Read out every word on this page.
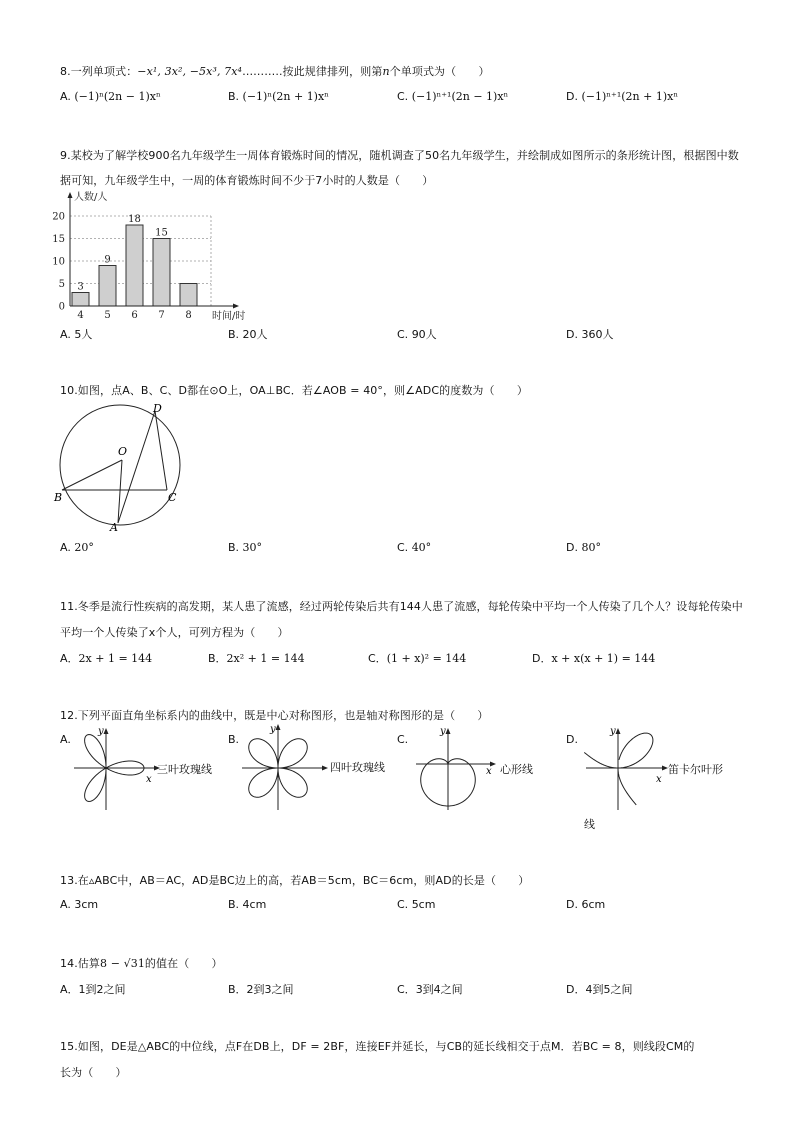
8.一列单项式：−x¹, 3x², −5x³, 7x⁴………..按此规律排列，则第n个单项式为（　　）
A. (−1)ⁿ(2n − 1)xⁿ	B. (−1)ⁿ(2n + 1)xⁿ	C. (−1)ⁿ⁺¹(2n − 1)xⁿ	D. (−1)ⁿ⁺¹(2n + 1)xⁿ
9.某校为了解学校900名九年级学生一周体育锻炼时间的情况，随机调查了50名九年级学生，并绘制成如图所示的条形统计图，根据图中数
据可知，九年级学生中，一周的体育锻炼时间不少于7小时的人数是（　　）
0
5
10
15
20
4
3
5
9
6
18
7
15
8
人数/人
时间/时
A. 5人	B. 20人	C. 90人	D. 360人
10.如图，点A、B、C、D都在⊙O上，OA⊥BC．若∠AOB = 40°，则∠ADC的度数为（　　）
O
B	C
D
A
A. 20°	B. 30°	C. 40°	D. 80°
11.冬季是流行性疾病的高发期，某人患了流感，经过两轮传染后共有144人患了流感，每轮传染中平均一个人传染了几个人？设每轮传染中
平均一个人传染了x个人，可列方程为（　　）
A．2x + 1 = 144	B．2x² + 1 = 144	C．(1 + x)² = 144	D．x + x(x + 1) = 144
12.下列平面直角坐标系内的曲线中，既是中心对称图形，也是轴对称图形的是（　　）
A.	B.	C.	D.
y
x
三叶玫瑰线
y
四叶玫瑰线
y
x 心形线
y
x
笛卡尔叶形
线
13.在▵ABC中，AB＝AC，AD是BC边上的高，若AB＝5cm，BC＝6cm，则AD的长是（　　）
A. 3cm	B. 4cm	C. 5cm	D. 6cm
14.估算8 − √31的值在（　　）
A．1到2之间	B．2到3之间	C．3到4之间	D．4到5之间
15.如图，DE是△ABC的中位线，点F在DB上，DF = 2BF，连接EF并延长，与CB的延长线相交于点M．若BC = 8，则线段CM的
长为（　　）
